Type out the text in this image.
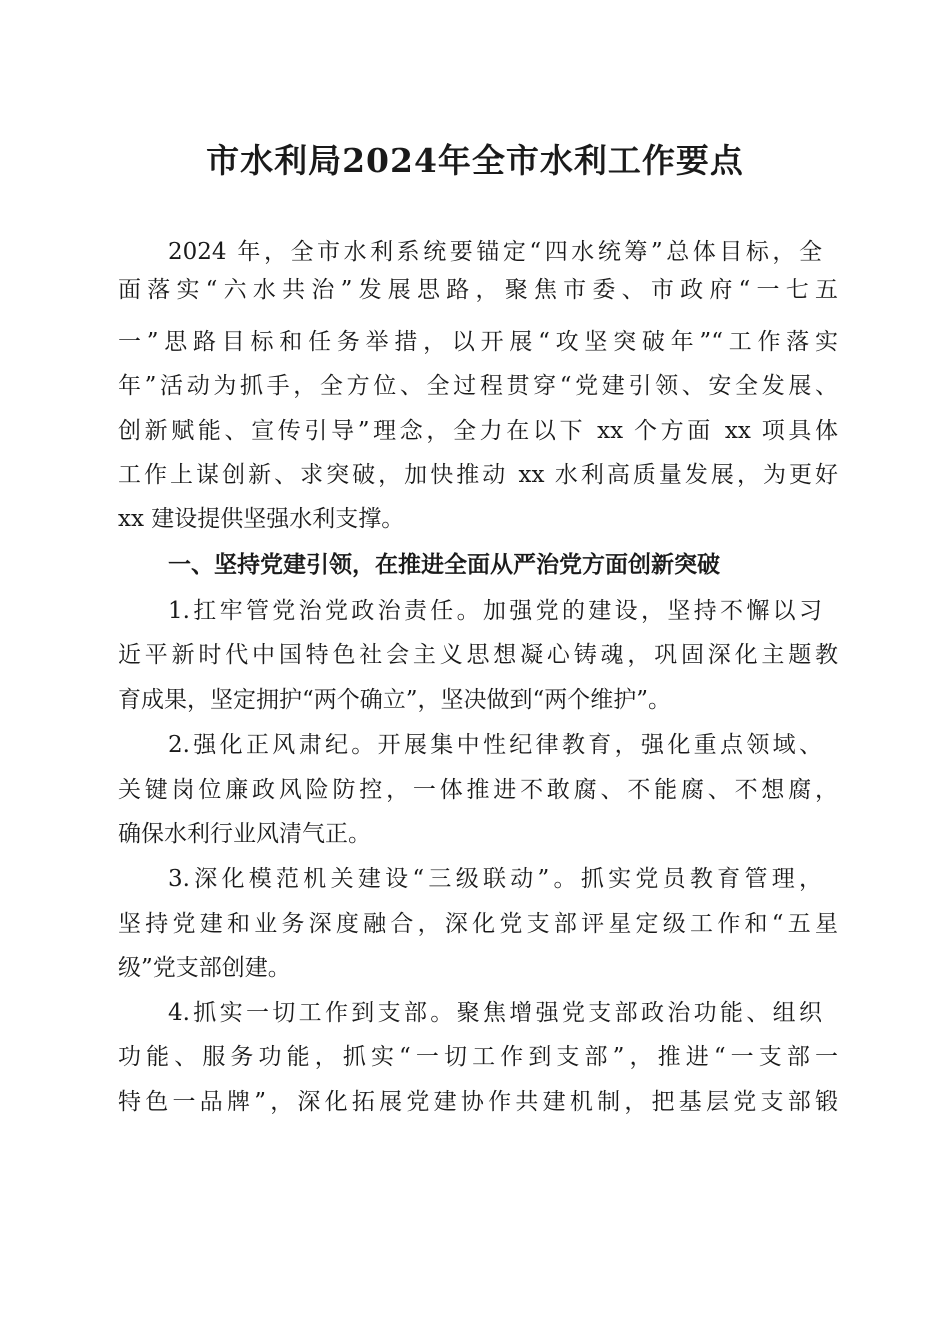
市水利局2024年全市水利工作要点

2024 年，全市水利系统要锚定“四水统筹”总体目标，全

面落实“六水共治”发展思路，聚焦市委、市政府“一七五

一”思路目标和任务举措，以开展“攻坚突破年”“工作落实

年”活动为抓手，全方位、全过程贯穿“党建引领、安全发展、

创新赋能、宣传引导”理念，全力在以下 xx 个方面 xx 项具体

工作上谋创新、求突破，加快推动 xx 水利高质量发展，为更好

xx 建设提供坚强水利支撑。

一、坚持党建引领，在推进全面从严治党方面创新突破

1.扛牢管党治党政治责任。加强党的建设，坚持不懈以习

近平新时代中国特色社会主义思想凝心铸魂，巩固深化主题教

育成果，坚定拥护“两个确立”，坚决做到“两个维护”。

2.强化正风肃纪。开展集中性纪律教育，强化重点领域、

关键岗位廉政风险防控，一体推进不敢腐、不能腐、不想腐，

确保水利行业风清气正。

3.深化模范机关建设“三级联动”。抓实党员教育管理，

坚持党建和业务深度融合，深化党支部评星定级工作和“五星

级”党支部创建。

4.抓实一切工作到支部。聚焦增强党支部政治功能、组织

功能、服务功能，抓实“一切工作到支部”，推进“一支部一

特色一品牌”，深化拓展党建协作共建机制，把基层党支部锻
